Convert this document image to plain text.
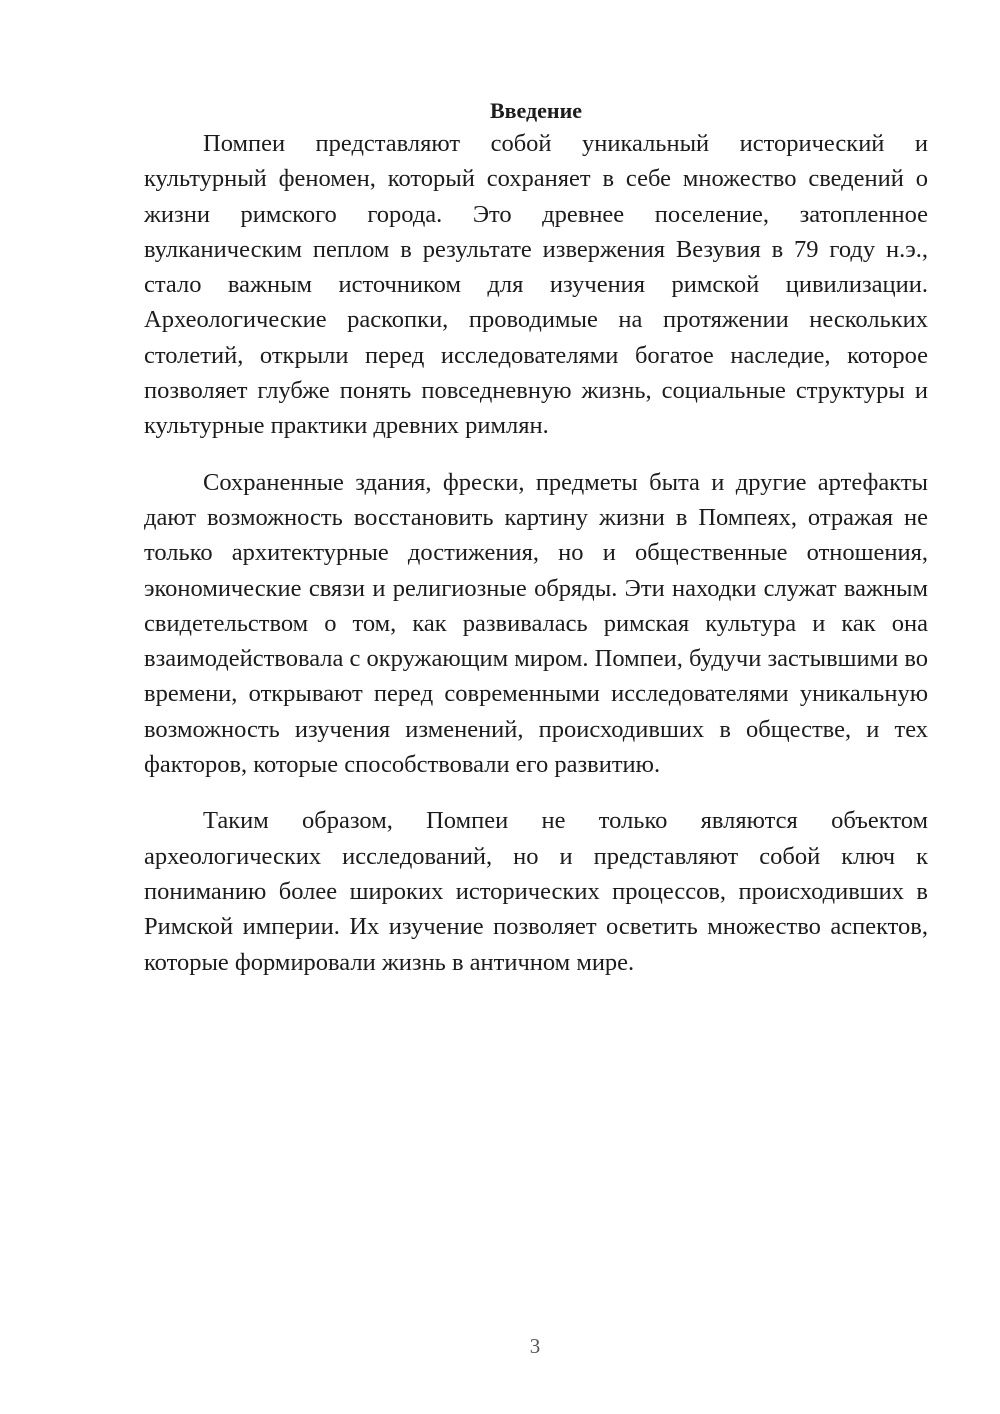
Введение

Помпеи представляют собой уникальный исторический и культурный феномен, который сохраняет в себе множество сведений о жизни римского города. Это древнее поселение, затопленное вулканическим пеплом в результате извержения Везувия в 79 году н.э., стало важным источником для изучения римской цивилизации. Археологические раскопки, проводимые на протяжении нескольких столетий, открыли перед исследователями богатое наследие, которое позволяет глубже понять повседневную жизнь, социальные структуры и культурные практики древних римлян.

Сохраненные здания, фрески, предметы быта и другие артефакты дают возможность восстановить картину жизни в Помпеях, отражая не только архитектурные достижения, но и общественные отношения, экономические связи и религиозные обряды. Эти находки служат важным свидетельством о том, как развивалась римская культура и как она взаимодействовала с окружающим миром. Помпеи, будучи застывшими во времени, открывают перед современными исследователями уникальную возможность изучения изменений, происходивших в обществе, и тех факторов, которые способствовали его развитию.

Таким образом, Помпеи не только являются объектом археологических исследований, но и представляют собой ключ к пониманию более широких исторических процессов, происходивших в Римской империи. Их изучение позволяет осветить множество аспектов, которые формировали жизнь в античном мире.

3
